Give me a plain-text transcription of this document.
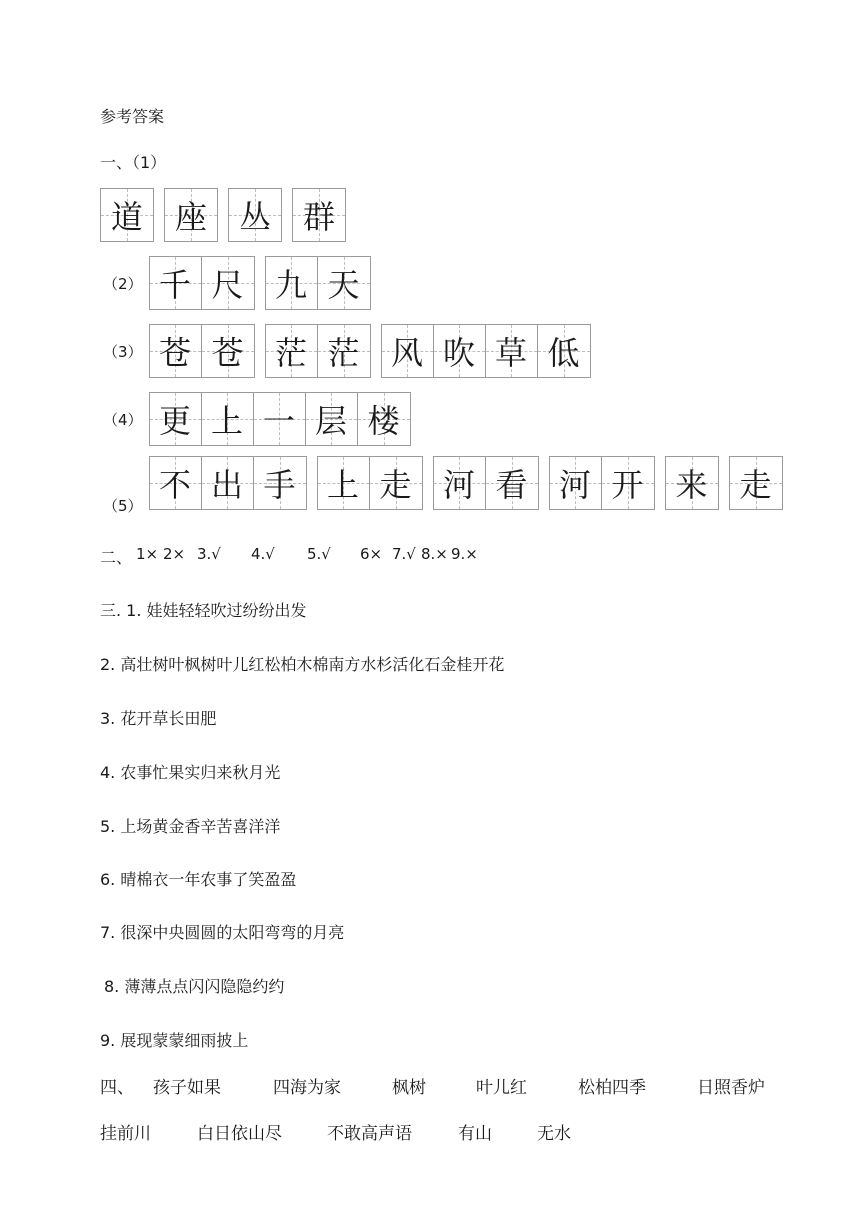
参考答案
一、（1）
道 座 丛 群
（2） 千 尺 九 天
（3） 苍 苍 茫 茫 风 吹 草 低
（4） 更 上 一 层 楼
（5）
不 出 手 上 走 河 看 河 开 来 走
二、 1× 2× 3.√ 4.√ 5.√ 6× 7.√ 8.× 9.×
三. 1. 娃娃轻轻吹过纷纷出发
2. 高壮树叶枫树叶儿红松柏木棉南方水杉活化石金桂开花
3. 花开草长田肥
4. 农事忙果实归来秋月光
5. 上场黄金香辛苦喜洋洋
6. 晴棉衣一年农事了笑盈盈
7. 很深中央圆圆的太阳弯弯的月亮
8. 薄薄点点闪闪隐隐约约
9. 展现蒙蒙细雨披上
四、 孩子如果	四海为家	枫树	叶儿红	松柏四季	日照香炉
挂前川	白日依山尽	不敢高声语	有山	无水
